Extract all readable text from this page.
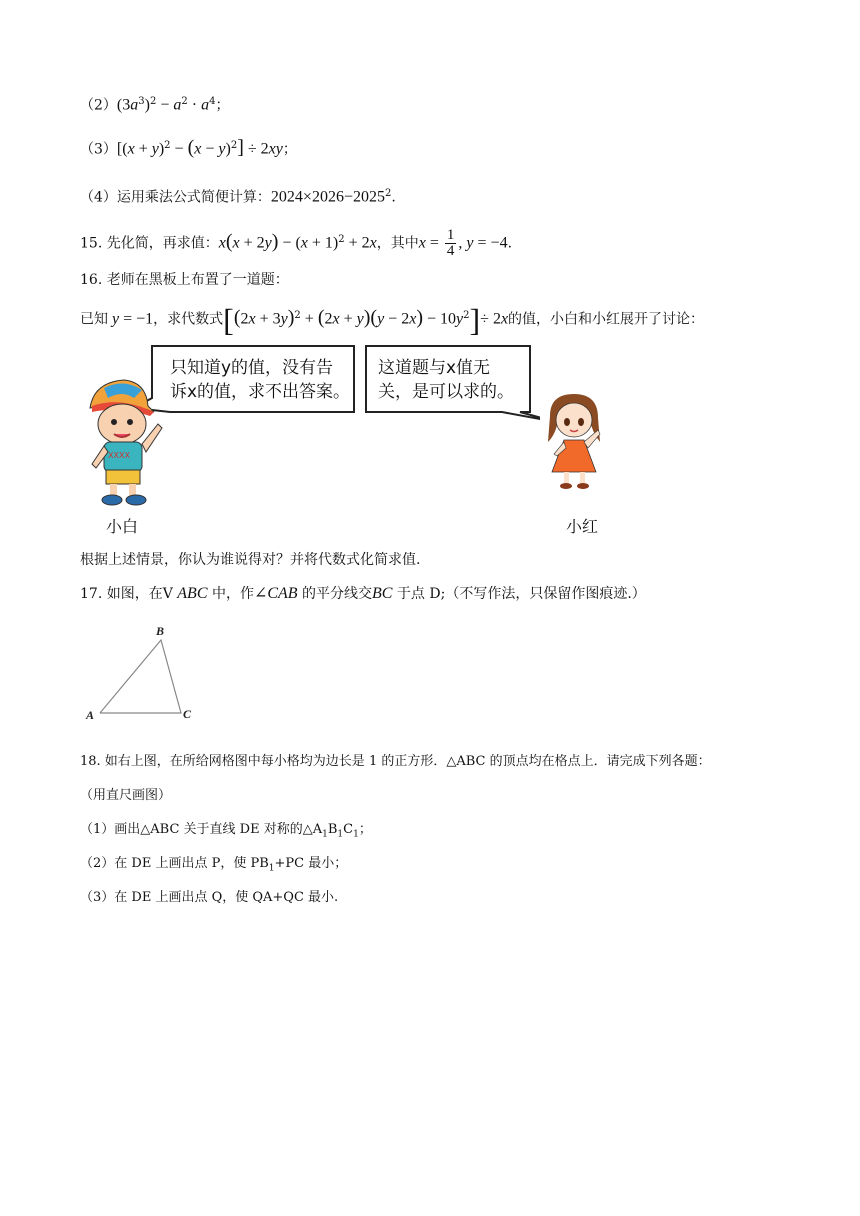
$(2)(3a^3)^2 - a^2 \cdot a^4$；
$(3)[(x + y)^2 - (x - y)^2] \div 2xy$；
（4）运用乘法公式简便计算：$2024\times 2026-2025^2$.
15. 先化简，再求值：$x(x + 2y) - (x + 1)^2 + 2x$，其中$x = \frac{1}{4}$ , y = −4.
16. 老师在黑板上布置了一道题：
已知 y = −1，求代数式$[(2x + 3y)^2 + (2x + y)(y - 2x) - 10y^2]\div 2x$的值，小白和小红展开了讨论：
只知道y的值，没有告
诉x的值，求不出答案。
这道题与x值无
关，是可以求的。
XXXX
小白	小红
根据上述情景，你认为谁说得对？并将代数式化简求值.
17. 如图，在V ABC 中，作∠CAB 的平分线交BC 于点 D;（不写作法，只保留作图痕迹.）
A
B
C
18. 如右上图，在所给网格图中每小格均为边长是 1 的正方形．△ABC 的顶点均在格点上．请完成下列各题：
（用直尺画图）
（1）画出△ABC 关于直线 DE 对称的$\triangle A_1B_1C_1$；
（2）在 DE 上画出点 P，使 $PB_1+PC$ 最小；
（3）在 DE 上画出点 Q，使 QA+QC 最小.
